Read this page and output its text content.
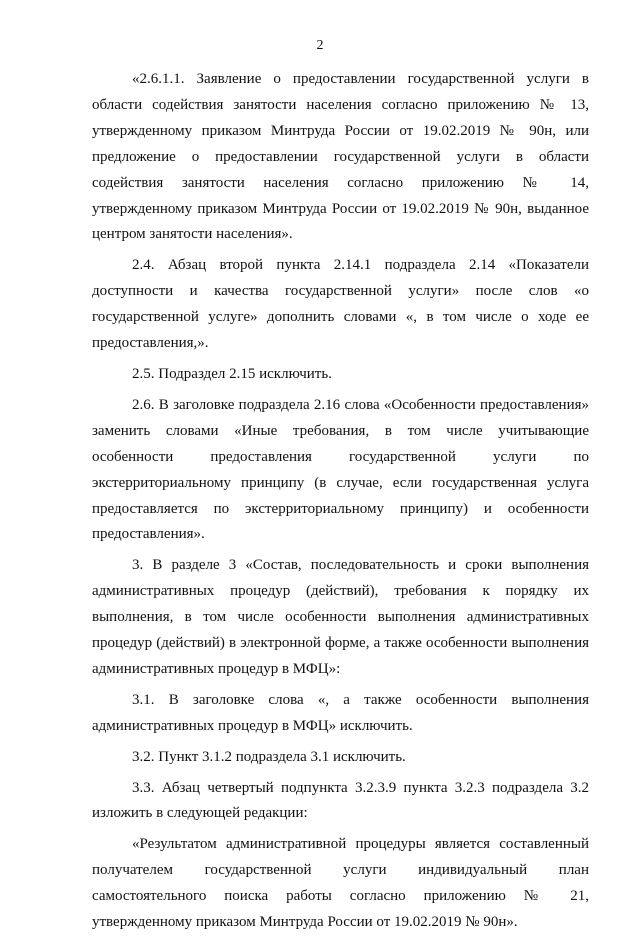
2

«2.6.1.1. Заявление о предоставлении государственной услуги в области содействия занятости населения согласно приложению № 13, утвержденному приказом Минтруда России от 19.02.2019 № 90н, или предложение о предоставлении государственной услуги в области содействия занятости населения согласно приложению № 14, утвержденному приказом Минтруда России от 19.02.2019 № 90н, выданное центром занятости населения».

2.4. Абзац второй пункта 2.14.1 подраздела 2.14 «Показатели доступности и качества государственной услуги» после слов «о государственной услуге» дополнить словами «, в том числе о ходе ее предоставления,».

2.5. Подраздел 2.15 исключить.

2.6. В заголовке подраздела 2.16 слова «Особенности предоставления» заменить словами «Иные требования, в том числе учитывающие особенности предоставления государственной услуги по экстерриториальному принципу (в случае, если государственная услуга предоставляется по экстерриториальному принципу) и особенности предоставления».

3. В разделе 3 «Состав, последовательность и сроки выполнения административных процедур (действий), требования к порядку их выполнения, в том числе особенности выполнения административных процедур (действий) в электронной форме, а также особенности выполнения административных процедур в МФЦ»:

3.1. В заголовке слова «, а также особенности выполнения административных процедур в МФЦ» исключить.

3.2. Пункт 3.1.2 подраздела 3.1 исключить.

3.3. Абзац четвертый подпункта 3.2.3.9 пункта 3.2.3 подраздела 3.2 изложить в следующей редакции:

«Результатом административной процедуры является составленный получателем государственной услуги индивидуальный план самостоятельного поиска работы согласно приложению № 21, утвержденному приказом Минтруда России от 19.02.2019 № 90н».
